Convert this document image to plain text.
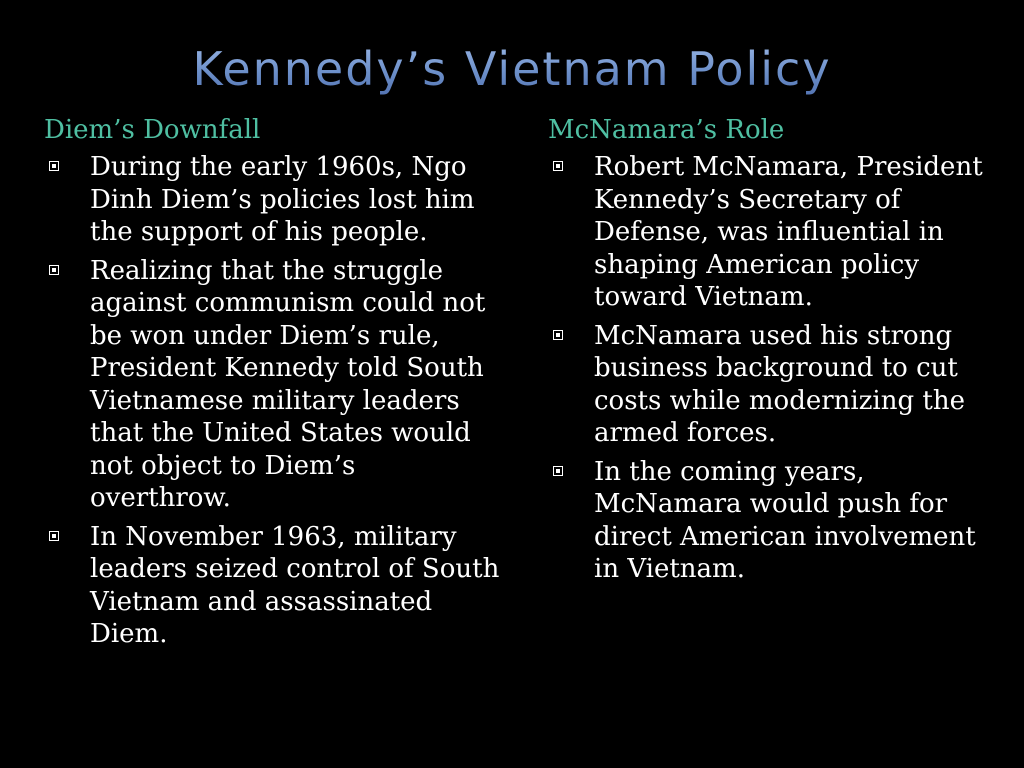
Kennedy’s Vietnam Policy
Diem’s Downfall
During the early 1960s, Ngo Dinh Diem’s policies lost him the support of his people.
Realizing that the struggle against communism could not be won under Diem’s rule, President Kennedy told South Vietnamese military leaders that the United States would not object to Diem’s overthrow.
In November 1963, military leaders seized control of South Vietnam and assassinated Diem.
McNamara’s Role
Robert McNamara, President Kennedy’s Secretary of Defense, was influential in shaping American policy toward Vietnam.
McNamara used his strong business background to cut costs while modernizing the armed forces.
In the coming years, McNamara would push for direct American involvement in Vietnam.
